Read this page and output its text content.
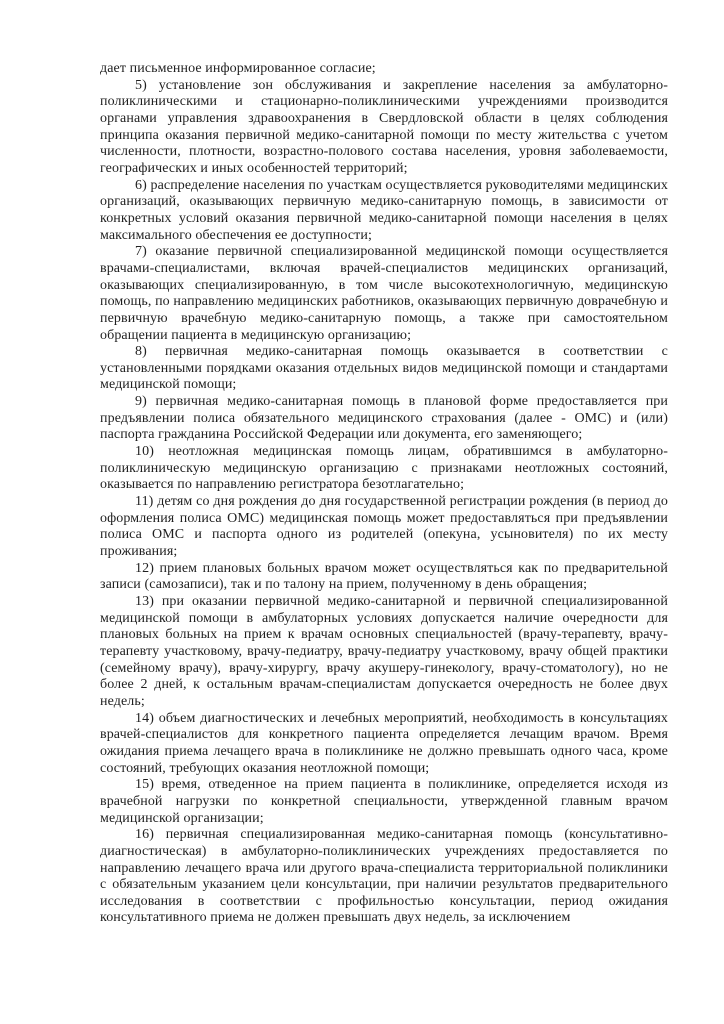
дает письменное информированное согласие;

5) установление зон обслуживания и закрепление населения за амбулаторно-поликлиническими и стационарно-поликлиническими учреждениями производится органами управления здравоохранения в Свердловской области в целях соблюдения принципа оказания первичной медико-санитарной помощи по месту жительства с учетом численности, плотности, возрастно-полового состава населения, уровня заболеваемости, географических и иных особенностей территорий;

6) распределение населения по участкам осуществляется руководителями медицинских организаций, оказывающих первичную медико-санитарную помощь, в зависимости от конкретных условий оказания первичной медико-санитарной помощи населения в целях максимального обеспечения ее доступности;

7) оказание первичной специализированной медицинской помощи осуществляется врачами-специалистами, включая врачей-специалистов медицинских организаций, оказывающих специализированную, в том числе высокотехнологичную, медицинскую помощь, по направлению медицинских работников, оказывающих первичную доврачебную и первичную врачебную медико-санитарную помощь, а также при самостоятельном обращении пациента в медицинскую организацию;

8) первичная медико-санитарная помощь оказывается в соответствии с установленными порядками оказания отдельных видов медицинской помощи и стандартами медицинской помощи;

9) первичная медико-санитарная помощь в плановой форме предоставляется при предъявлении полиса обязательного медицинского страхования (далее - ОМС) и (или) паспорта гражданина Российской Федерации или документа, его заменяющего;

10) неотложная медицинская помощь лицам, обратившимся в амбулаторно-поликлиническую медицинскую организацию с признаками неотложных состояний, оказывается по направлению регистратора безотлагательно;

11) детям со дня рождения до дня государственной регистрации рождения (в период до оформления полиса ОМС) медицинская помощь может предоставляться при предъявлении полиса ОМС и паспорта одного из родителей (опекуна, усыновителя) по их месту проживания;

12) прием плановых больных врачом может осуществляться как по предварительной записи (самозаписи), так и по талону на прием, полученному в день обращения;

13) при оказании первичной медико-санитарной и первичной специализированной медицинской помощи в амбулаторных условиях допускается наличие очередности для плановых больных на прием к врачам основных специальностей (врачу-терапевту, врачу-терапевту участковому, врачу-педиатру, врачу-педиатру участковому, врачу общей практики (семейному врачу), врачу-хирургу, врачу акушеру-гинекологу, врачу-стоматологу), но не более 2 дней, к остальным врачам-специалистам допускается очередность не более двух недель;

14) объем диагностических и лечебных мероприятий, необходимость в консультациях врачей-специалистов для конкретного пациента определяется лечащим врачом. Время ожидания приема лечащего врача в поликлинике не должно превышать одного часа, кроме состояний, требующих оказания неотложной помощи;

15) время, отведенное на прием пациента в поликлинике, определяется исходя из врачебной нагрузки по конкретной специальности, утвержденной главным врачом медицинской организации;

16) первичная специализированная медико-санитарная помощь (консультативно-диагностическая) в амбулаторно-поликлинических учреждениях предоставляется по направлению лечащего врача или другого врача-специалиста территориальной поликлиники с обязательным указанием цели консультации, при наличии результатов предварительного исследования в соответствии с профильностью консультации, период ожидания консультативного приема не должен превышать двух недель, за исключением
